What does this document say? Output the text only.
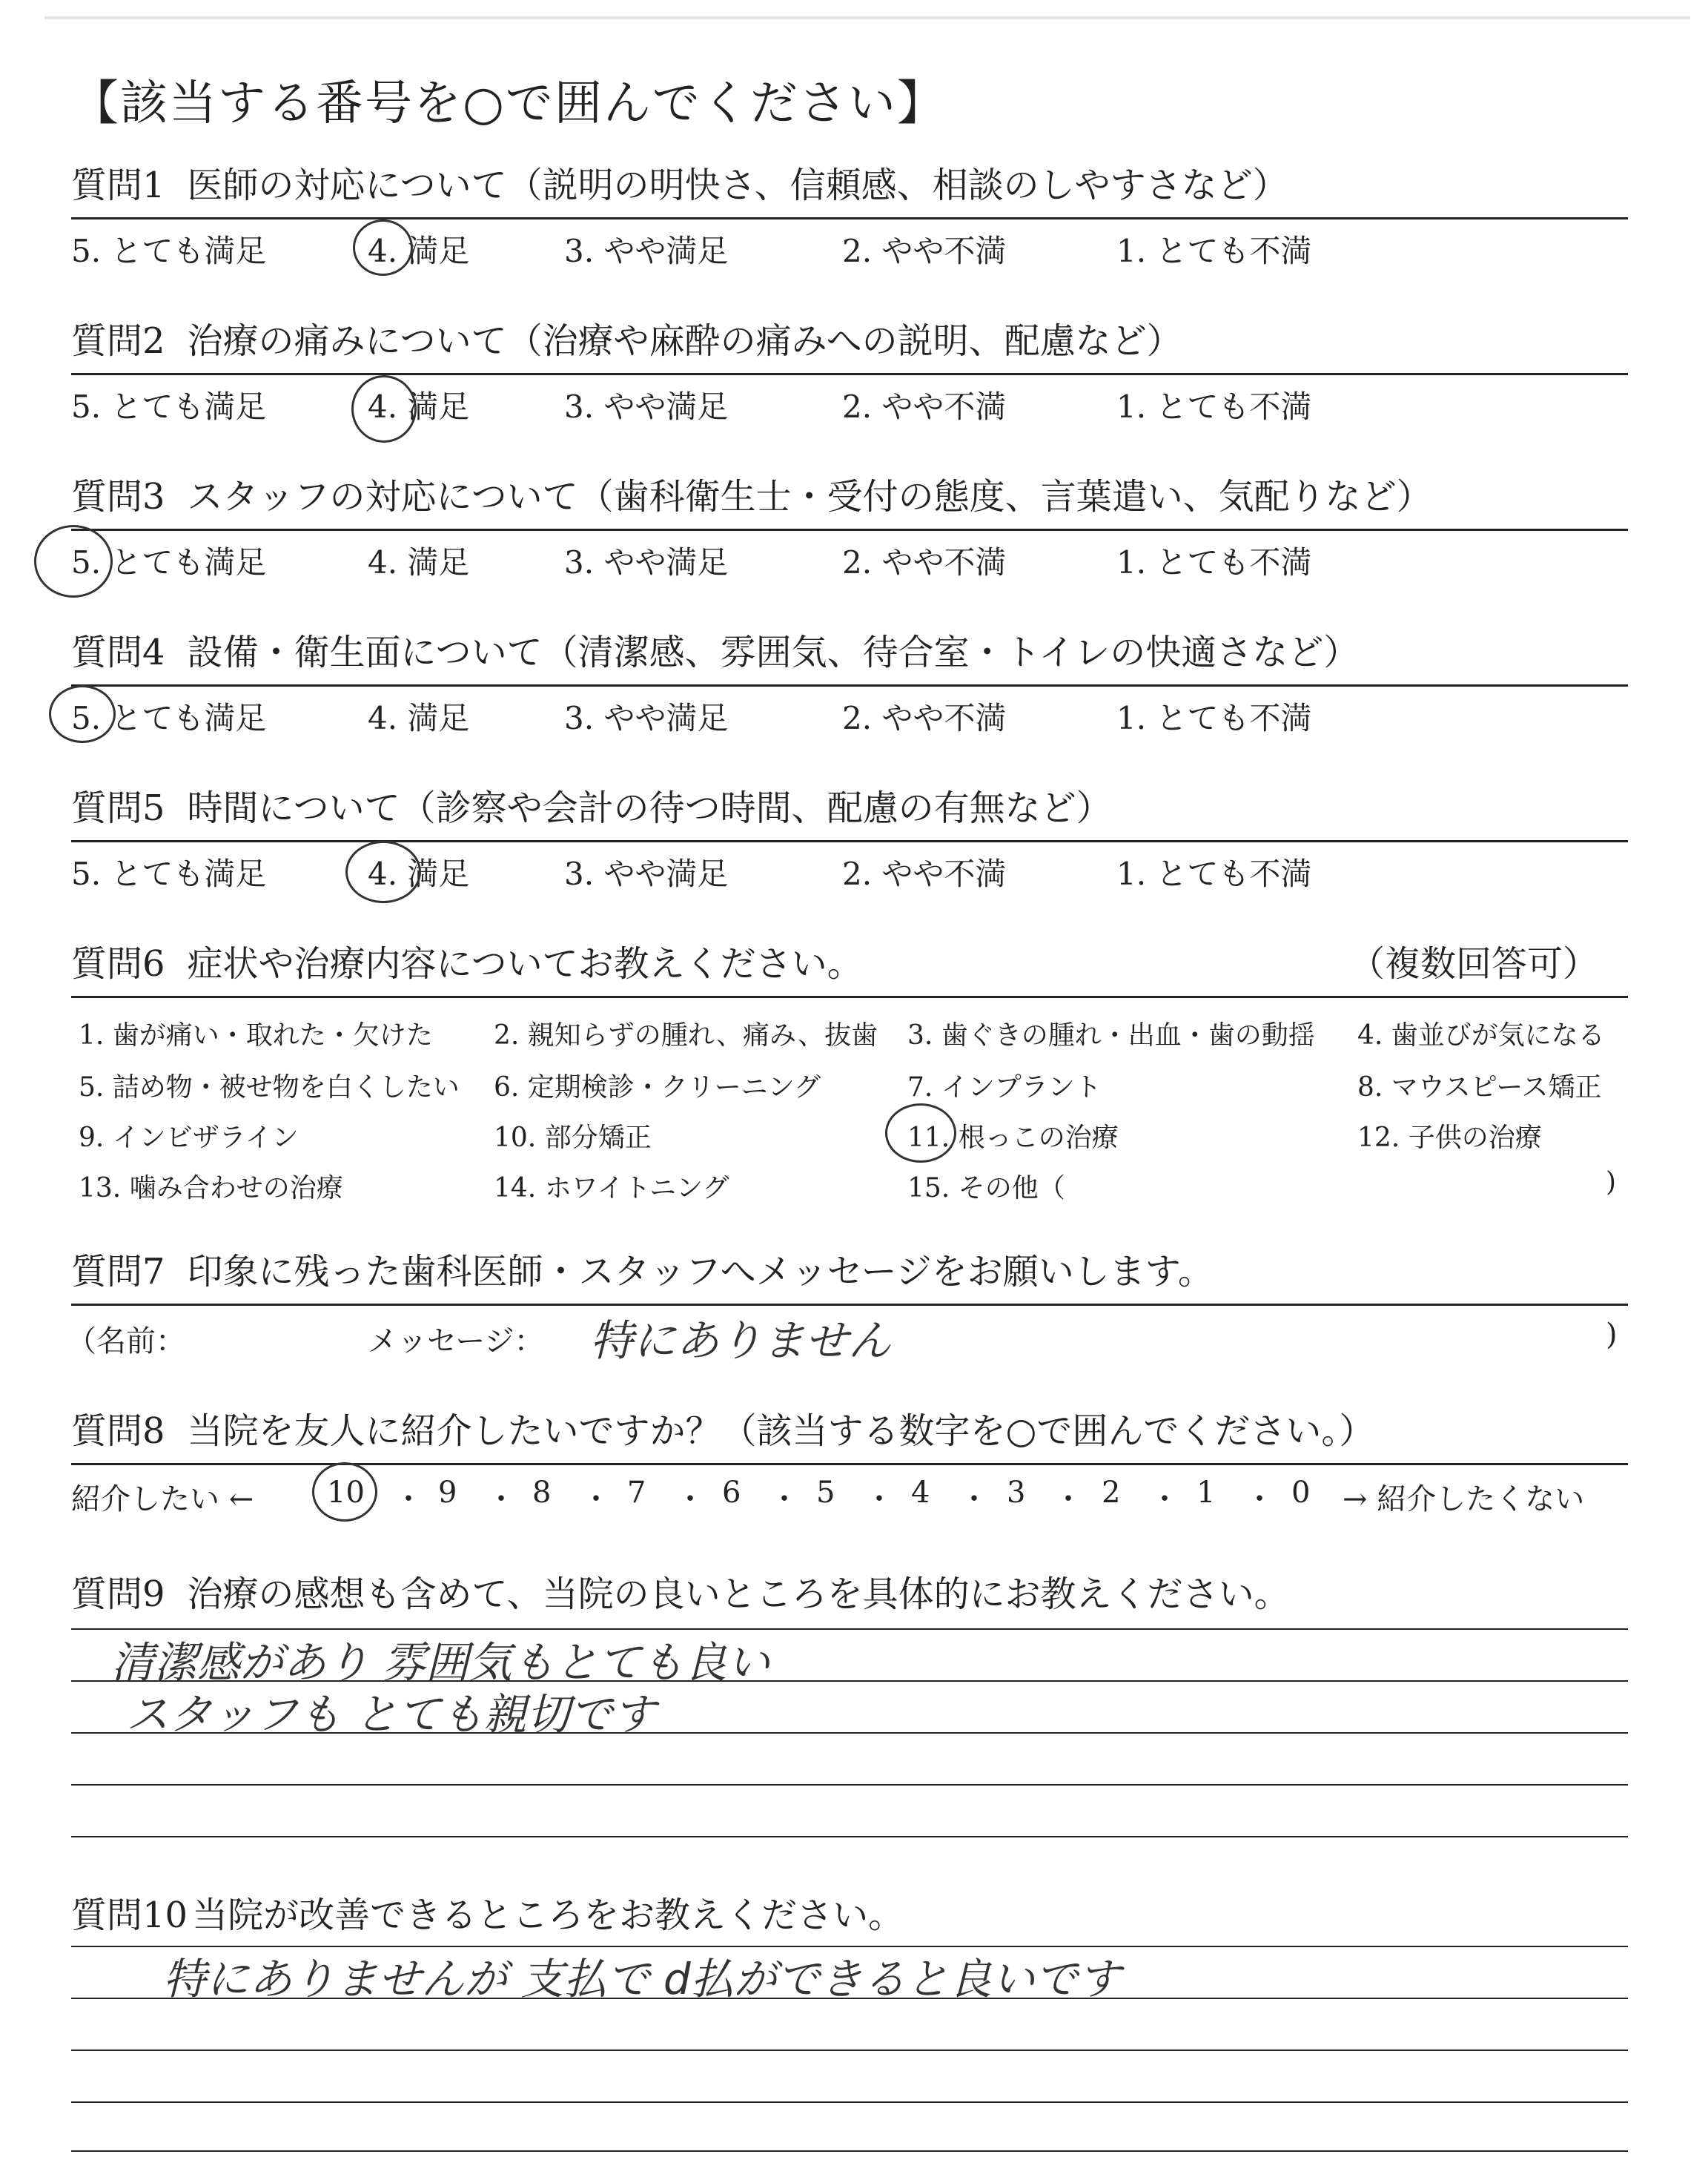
【該当する番号を○で囲んでください】
質問1 医師の対応について（説明の明快さ、信頼感、相談のしやすさなど）
5. とても満足	4. 満足	3. やや満足	2. やや不満	1. とても不満
質問2 治療の痛みについて（治療や麻酔の痛みへの説明、配慮など）
5. とても満足	4. 満足	3. やや満足	2. やや不満	1. とても不満
質問3 スタッフの対応について（歯科衛生士・受付の態度、言葉遣い、気配りなど）
5. とても満足	4. 満足	3. やや満足	2. やや不満	1. とても不満
質問4 設備・衛生面について（清潔感、雰囲気、待合室・トイレの快適さなど）
5. とても満足	4. 満足	3. やや満足	2. やや不満	1. とても不満
質問5 時間について（診察や会計の待つ時間、配慮の有無など）
5. とても満足	4. 満足	3. やや満足	2. やや不満	1. とても不満
質問6 症状や治療内容についてお教えください。	（複数回答可）
1. 歯が痛い・取れた・欠けた 2. 親知らずの腫れ、痛み、抜歯 3. 歯ぐきの腫れ・出血・歯の動揺 4. 歯並びが気になる
5. 詰め物・被せ物を白くしたい 6. 定期検診・クリーニング	7. インプラント	8. マウスピース矯正
9. インビザライン	10. 部分矯正	11. 根っこの治療	12. 子供の治療
13. 噛み合わせの治療	14. ホワイトニング	15. その他（	)
質問7 印象に残った歯科医師・スタッフへメッセージをお願いします。
（名前：	メッセージ： 特にありません	)
質問8 当院を友人に紹介したいですか？（該当する数字を○で囲んでください。）
紹介したい ← 10 ・ 9 ・ 8 ・ 7 ・ 6 ・ 5 ・ 4 ・ 3 ・ 2 ・ 1 ・ 0 → 紹介したくない
質問9 治療の感想も含めて、当院の良いところを具体的にお教えください。
清潔感があり 雰囲気もとても良い
スタッフも とても親切です
質問10 当院が改善できるところをお教えください。
特にありませんが 支払で d払ができると良いです
